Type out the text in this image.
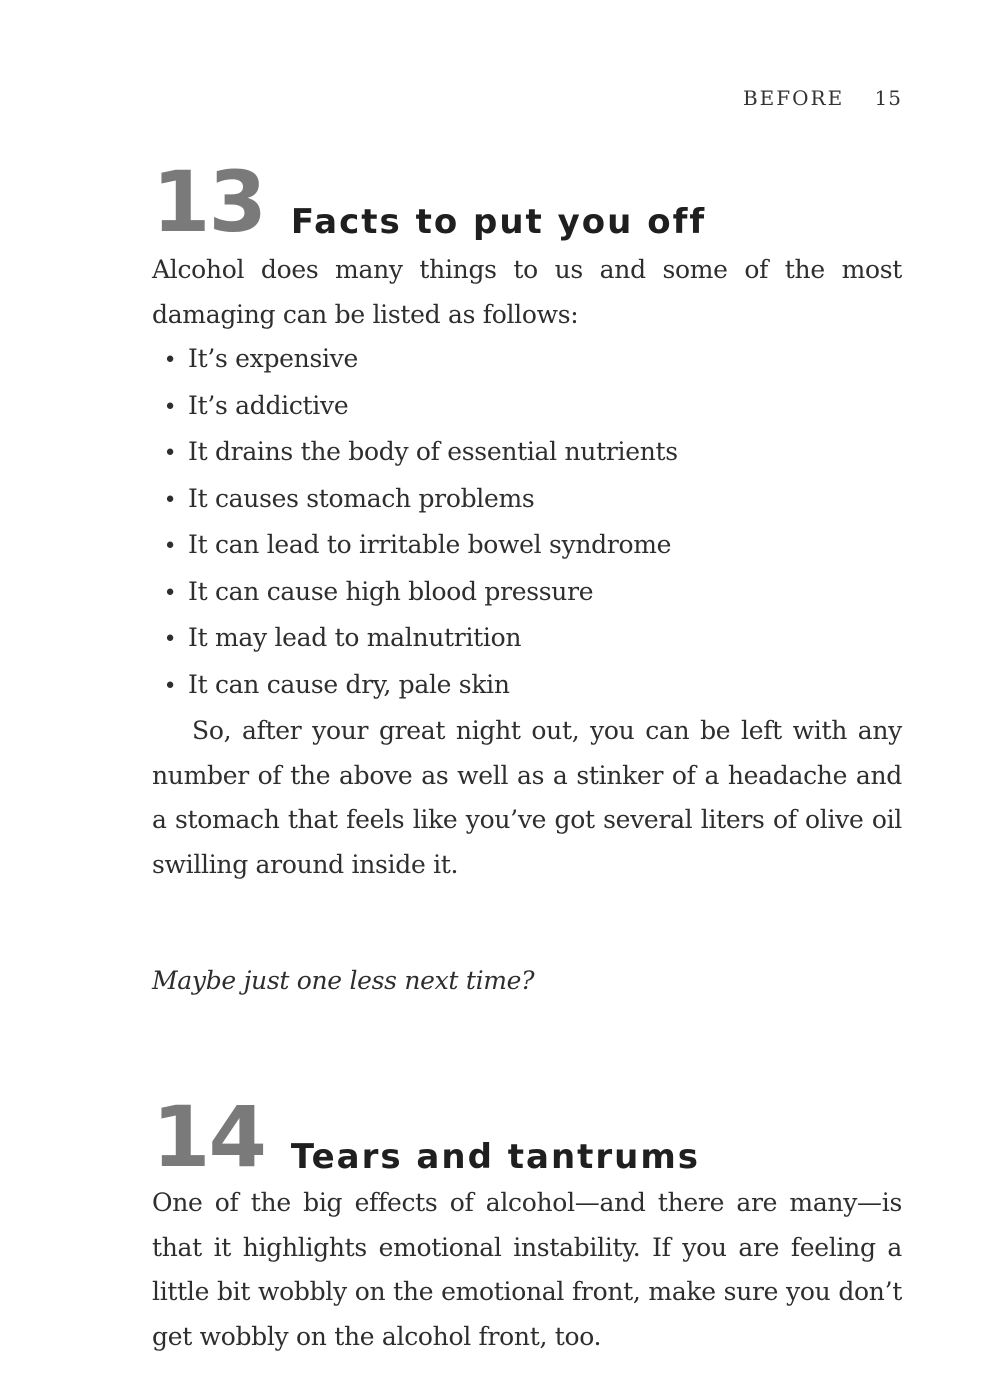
BEFORE 15
13 Facts to put you off

Alcohol does many things to us and some of the most damaging can be listed as follows:

• It’s expensive
• It’s addictive
• It drains the body of essential nutrients
• It causes stomach problems
• It can lead to irritable bowel syndrome
• It can cause high blood pressure
• It may lead to malnutrition
• It can cause dry, pale skin

So, after your great night out, you can be left with any number of the above as well as a stinker of a headache and a stomach that feels like you’ve got several liters of olive oil swilling around inside it.

Maybe just one less next time?

14 Tears and tantrums

One of the big effects of alcohol—and there are many—is that it highlights emotional instability. If you are feeling a little bit wobbly on the emotional front, make sure you don’t get wobbly on the alcohol front, too.
